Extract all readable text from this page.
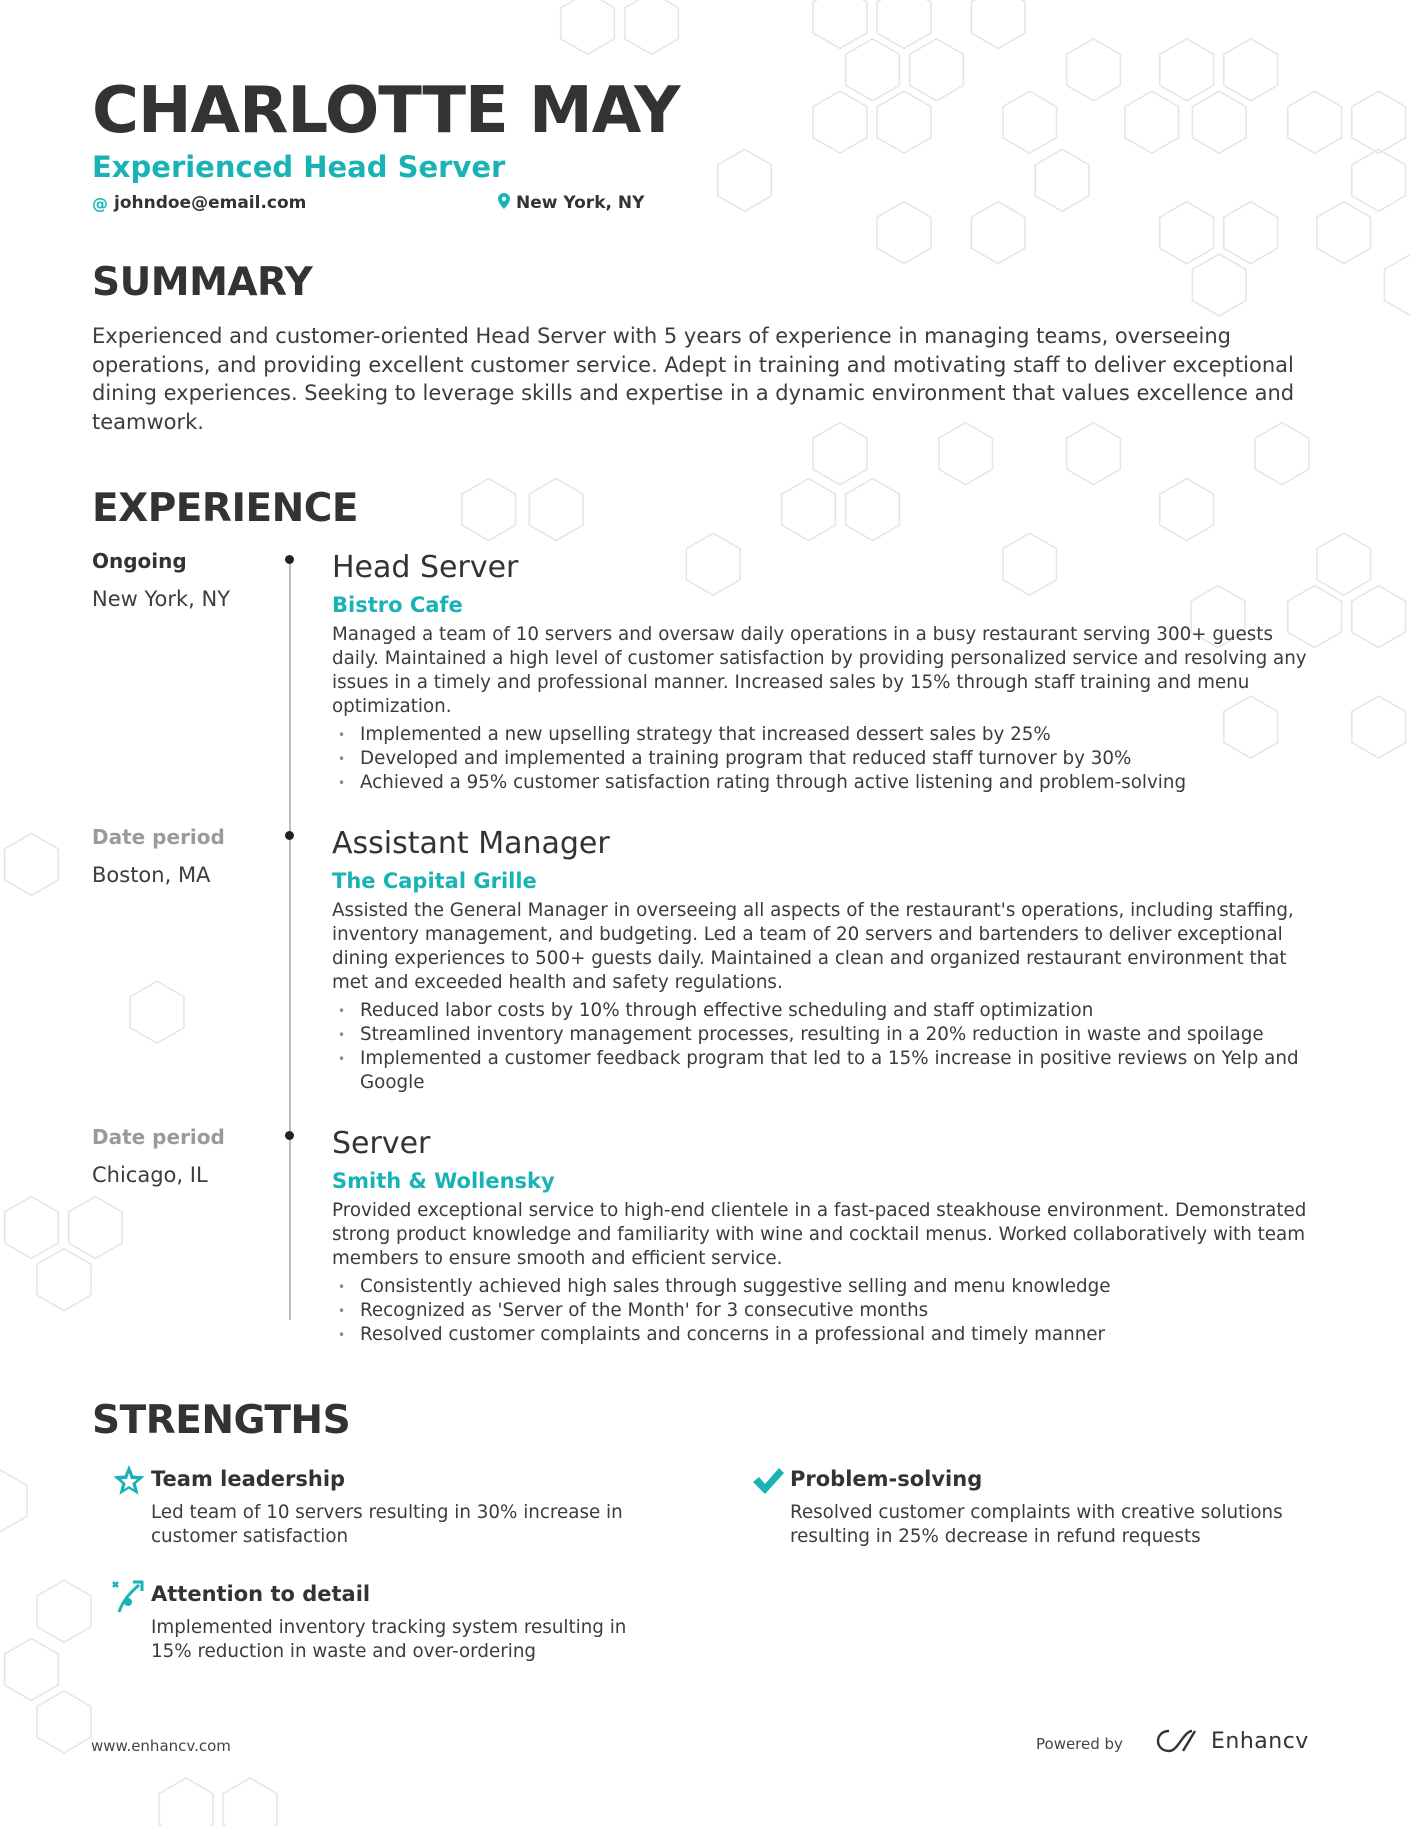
CHARLOTTE MAY
Experienced Head Server
@ johndoe@email.com	New York, NY
SUMMARY
Experienced and customer-oriented Head Server with 5 years of experience in managing teams, overseeing operations, and providing excellent customer service. Adept in training and motivating staff to deliver exceptional dining experiences. Seeking to leverage skills and expertise in a dynamic environment that values excellence and teamwork.
EXPERIENCE
Ongoing
New York, NY
Head Server
Bistro Cafe
Managed a team of 10 servers and oversaw daily operations in a busy restaurant serving 300+ guests daily. Maintained a high level of customer satisfaction by providing personalized service and resolving any issues in a timely and professional manner. Increased sales by 15% through staff training and menu optimization.
• Implemented a new upselling strategy that increased dessert sales by 25%
• Developed and implemented a training program that reduced staff turnover by 30%
• Achieved a 95% customer satisfaction rating through active listening and problem-solving
Date period
Boston, MA
Assistant Manager
The Capital Grille
Assisted the General Manager in overseeing all aspects of the restaurant's operations, including staffing, inventory management, and budgeting. Led a team of 20 servers and bartenders to deliver exceptional dining experiences to 500+ guests daily. Maintained a clean and organized restaurant environment that met and exceeded health and safety regulations.
• Reduced labor costs by 10% through effective scheduling and staff optimization
• Streamlined inventory management processes, resulting in a 20% reduction in waste and spoilage
• Implemented a customer feedback program that led to a 15% increase in positive reviews on Yelp and Google
Date period
Chicago, IL
Server
Smith & Wollensky
Provided exceptional service to high-end clientele in a fast-paced steakhouse environment. Demonstrated strong product knowledge and familiarity with wine and cocktail menus. Worked collaboratively with team members to ensure smooth and efficient service.
• Consistently achieved high sales through suggestive selling and menu knowledge
• Recognized as 'Server of the Month' for 3 consecutive months
• Resolved customer complaints and concerns in a professional and timely manner
STRENGTHS
Team leadership
Led team of 10 servers resulting in 30% increase in customer satisfaction
Problem-solving
Resolved customer complaints with creative solutions resulting in 25% decrease in refund requests
Attention to detail
Implemented inventory tracking system resulting in 15% reduction in waste and over-ordering
www.enhancv.com	Powered by	Enhancv
